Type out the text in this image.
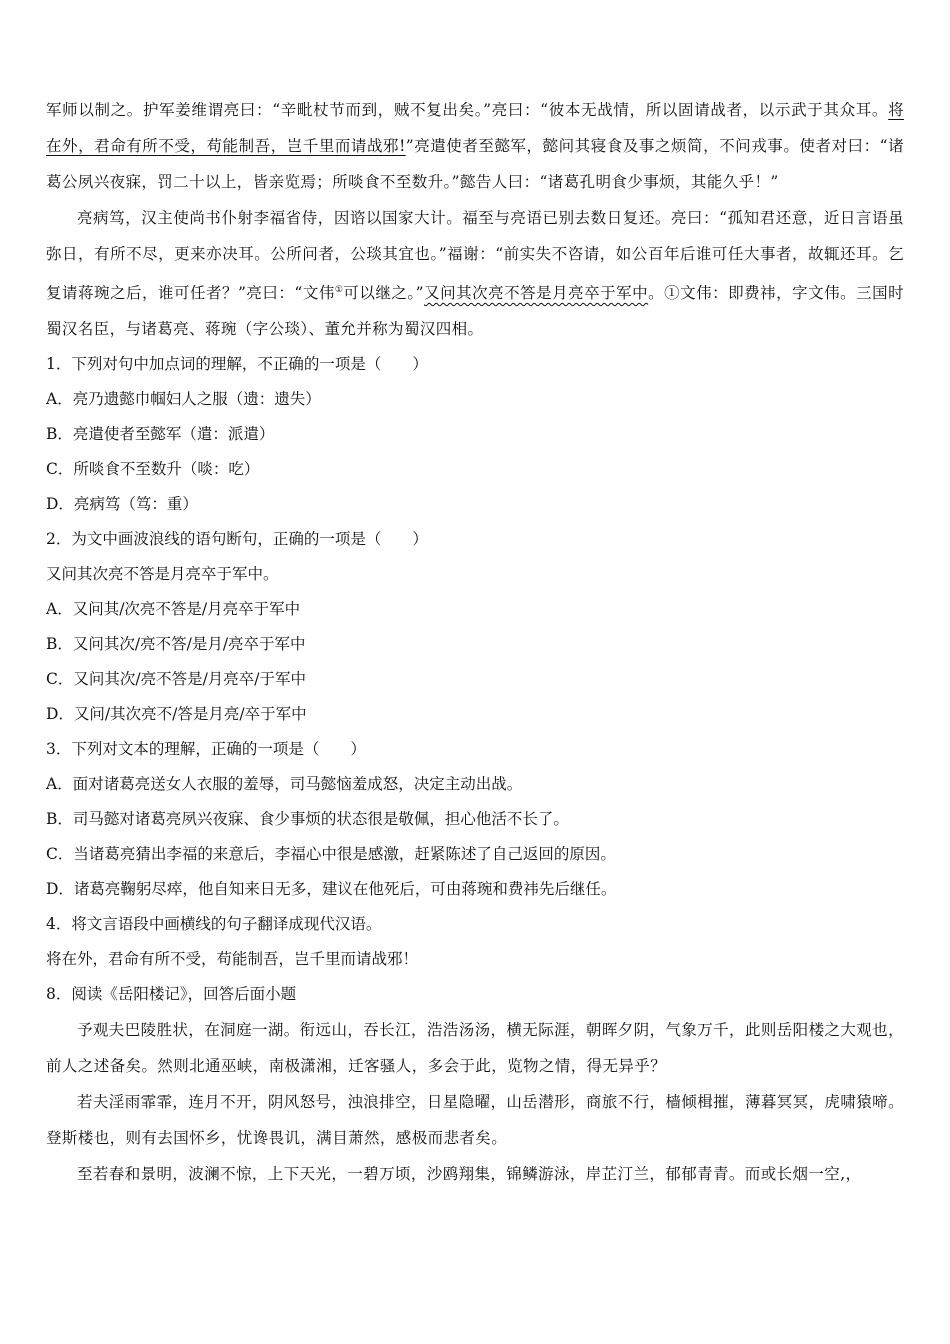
军师以制之。护军姜维谓亮曰：“辛毗杖节而到，贼不复出矣。”亮曰：“彼本无战情，所以固请战者，以示武于其众耳。将在外，君命有所不受，苟能制吾，岂千里而请战邪!”亮遣使者至懿军，懿问其寝食及事之烦简，不问戎事。使者对曰：“诸葛公夙兴夜寐，罚二十以上，皆亲览焉；所啖食不至数升。”懿告人曰：“诸葛孔明食少事烦，其能久乎！”

亮病笃，汉主使尚书仆射李福省侍，因谘以国家大计。福至与亮语已别去数日复还。亮曰：“孤知君还意，近日言语虽弥日，有所不尽，更来亦决耳。公所问者，公琰其宜也。”福谢：“前实失不咨请，如公百年后谁可任大事者，故辄还耳。乞复请蒋琬之后，谁可任者？”亮曰：“文伟①可以继之。”又问其次亮不答是月亮卒于军中。①文伟：即费祎，字文伟。三国时蜀汉名臣，与诸葛亮、蒋琬（字公琰）、董允并称为蜀汉四相。

1．下列对句中加点词的理解，不正确的一项是（　　）

A．亮乃遗懿巾帼妇人之服（遗：遗失）

B．亮遣使者至懿军（遣：派遣）

C．所啖食不至数升（啖：吃）

D．亮病笃（笃：重）

2．为文中画波浪线的语句断句，正确的一项是（　　）

又问其次亮不答是月亮卒于军中。

A．又问其/次亮不答是/月亮卒于军中

B．又问其次/亮不答/是月/亮卒于军中

C．又问其次/亮不答是/月亮卒/于军中

D．又问/其次亮不/答是月亮/卒于军中

3．下列对文本的理解，正确的一项是（　　）

A．面对诸葛亮送女人衣服的羞辱，司马懿恼羞成怒，决定主动出战。

B．司马懿对诸葛亮夙兴夜寐、食少事烦的状态很是敬佩，担心他活不长了。

C．当诸葛亮猜出李福的来意后，李福心中很是感激，赶紧陈述了自己返回的原因。

D．诸葛亮鞠躬尽瘁，他自知来日无多，建议在他死后，可由蒋琬和费祎先后继任。

4．将文言语段中画横线的句子翻译成现代汉语。

将在外，君命有所不受，苟能制吾，岂千里而请战邪！

8．阅读《岳阳楼记》，回答后面小题

予观夫巴陵胜状，在洞庭一湖。衔远山，吞长江，浩浩汤汤，横无际涯，朝晖夕阴，气象万千，此则岳阳楼之大观也，前人之述备矣。然则北通巫峡，南极潇湘，迁客骚人，多会于此，览物之情，得无异乎？

若夫淫雨霏霏，连月不开，阴风怒号，浊浪排空，日星隐曜，山岳潜形，商旅不行，樯倾楫摧，薄暮冥冥，虎啸猿啼。登斯楼也，则有去国怀乡，忧谗畏讥，满目萧然，感极而悲者矣。

至若春和景明，波澜不惊，上下天光，一碧万顷，沙鸥翔集，锦鳞游泳，岸芷汀兰，郁郁青青。而或长烟一空,，
